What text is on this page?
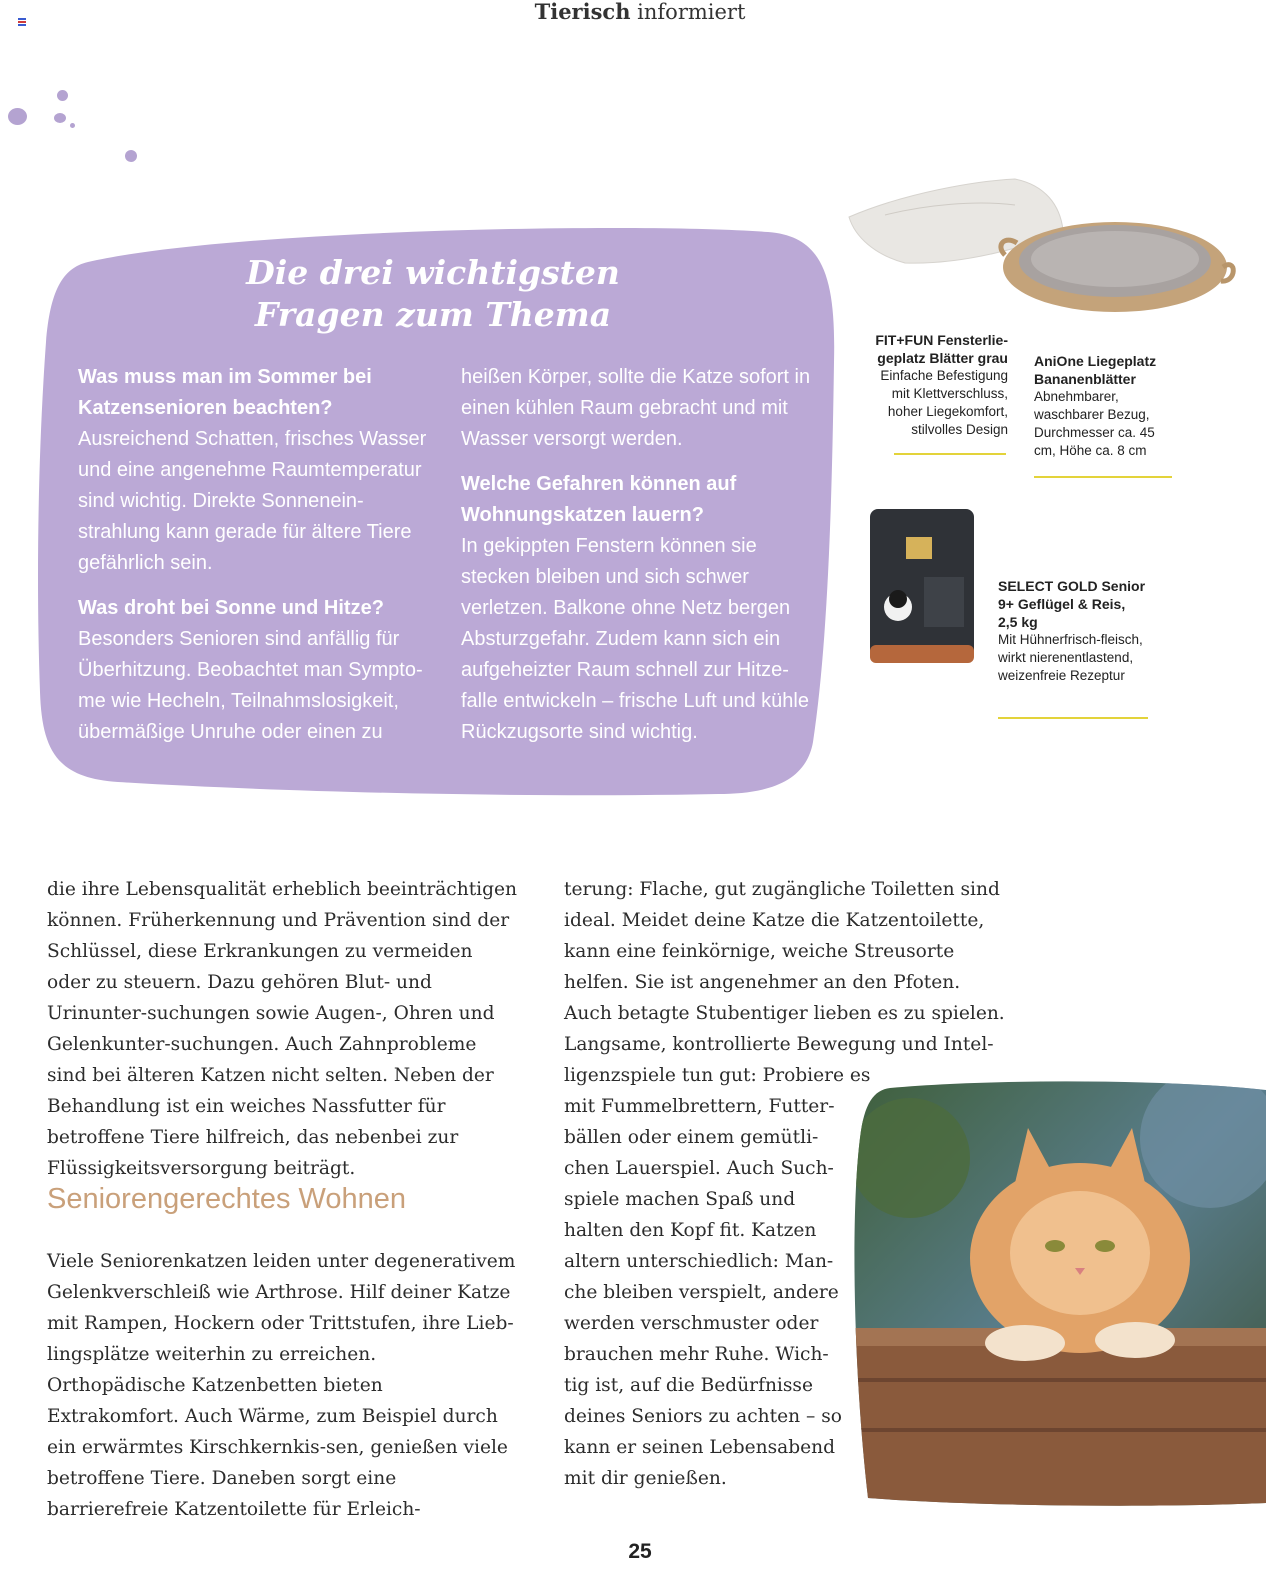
Tierisch informiert
Die drei wichtigsten
Fragen zum Thema

Was muss man im Sommer bei Katzensenioren beachten?
Ausreichend Schatten, frisches Wasser und eine angenehme Raumtemperatur sind wichtig. Direkte Sonnenein-strahlung kann gerade für ältere Tiere gefährlich sein.

Was droht bei Sonne und Hitze?
Besonders Senioren sind anfällig für Überhitzung. Beobachtet man Sympto-me wie Hecheln, Teilnahmslosigkeit, übermäßige Unruhe oder einen zu

heißen Körper, sollte die Katze sofort in einen kühlen Raum gebracht und mit Wasser versorgt werden.

Welche Gefahren können auf Wohnungskatzen lauern?
In gekippten Fenstern können sie stecken bleiben und sich schwer verletzen. Balkone ohne Netz bergen Absturzgefahr. Zudem kann sich ein aufgeheizter Raum schnell zur Hitze-falle entwickeln – frische Luft und kühle Rückzugsorte sind wichtig.

FIT+FUN Fensterlie-geplatz Blätter grau
Einfache Befestigung mit Klettverschluss, hoher Liegekomfort, stilvolles Design
AniOne Liegeplatz Bananenblätter
Abnehmbarer, waschbarer Bezug, Durchmesser ca. 45 cm, Höhe ca. 8 cm
SELECT GOLD Senior 9+ Geflügel & Reis, 2,5 kg
Mit Hühnerfrisch-fleisch, wirkt nierenentlastend, weizenfreie Rezeptur

die ihre Lebensqualität erheblich beeinträchtigen können. Früherkennung und Prävention sind der Schlüssel, diese Erkrankungen zu vermeiden oder zu steuern. Dazu gehören Blut- und Urinunter-suchungen sowie Augen-, Ohren und Gelenkunter-suchungen. Auch Zahnprobleme sind bei älteren Katzen nicht selten. Neben der Behandlung ist ein weiches Nassfutter für betroffene Tiere hilfreich, das nebenbei zur Flüssigkeitsversorgung beiträgt.

Seniorengerechtes Wohnen

Viele Seniorenkatzen leiden unter degenerativem Gelenkverschleiß wie Arthrose. Hilf deiner Katze mit Rampen, Hockern oder Trittstufen, ihre Lieb-lingsplätze weiterhin zu erreichen. Orthopädische Katzenbetten bieten Extrakomfort. Auch Wärme, zum Beispiel durch ein erwärmtes Kirschkernkis-sen, genießen viele betroffene Tiere. Daneben sorgt eine barrierefreie Katzentoilette für Erleich-

terung: Flache, gut zugängliche Toiletten sind ideal. Meidet deine Katze die Katzentoilette, kann eine feinkörnige, weiche Streusorte helfen. Sie ist angenehmer an den Pfoten.

Auch betagte Stubentiger lieben es zu spielen.
Langsame, kontrollierte Bewegung und Intel-
ligenzspiele tun gut: Probiere es
mit Fummelbrettern, Futter-
bällen oder einem gemütli-
chen Lauerspiel. Auch Such-
spiele machen Spaß und
halten den Kopf fit. Katzen
altern unterschiedlich: Man-
che bleiben verspielt, andere
werden verschmuster oder
brauchen mehr Ruhe. Wich-
tig ist, auf die Bedürfnisse
deines Seniors zu achten – so
kann er seinen Lebensabend
mit dir genießen.
25
